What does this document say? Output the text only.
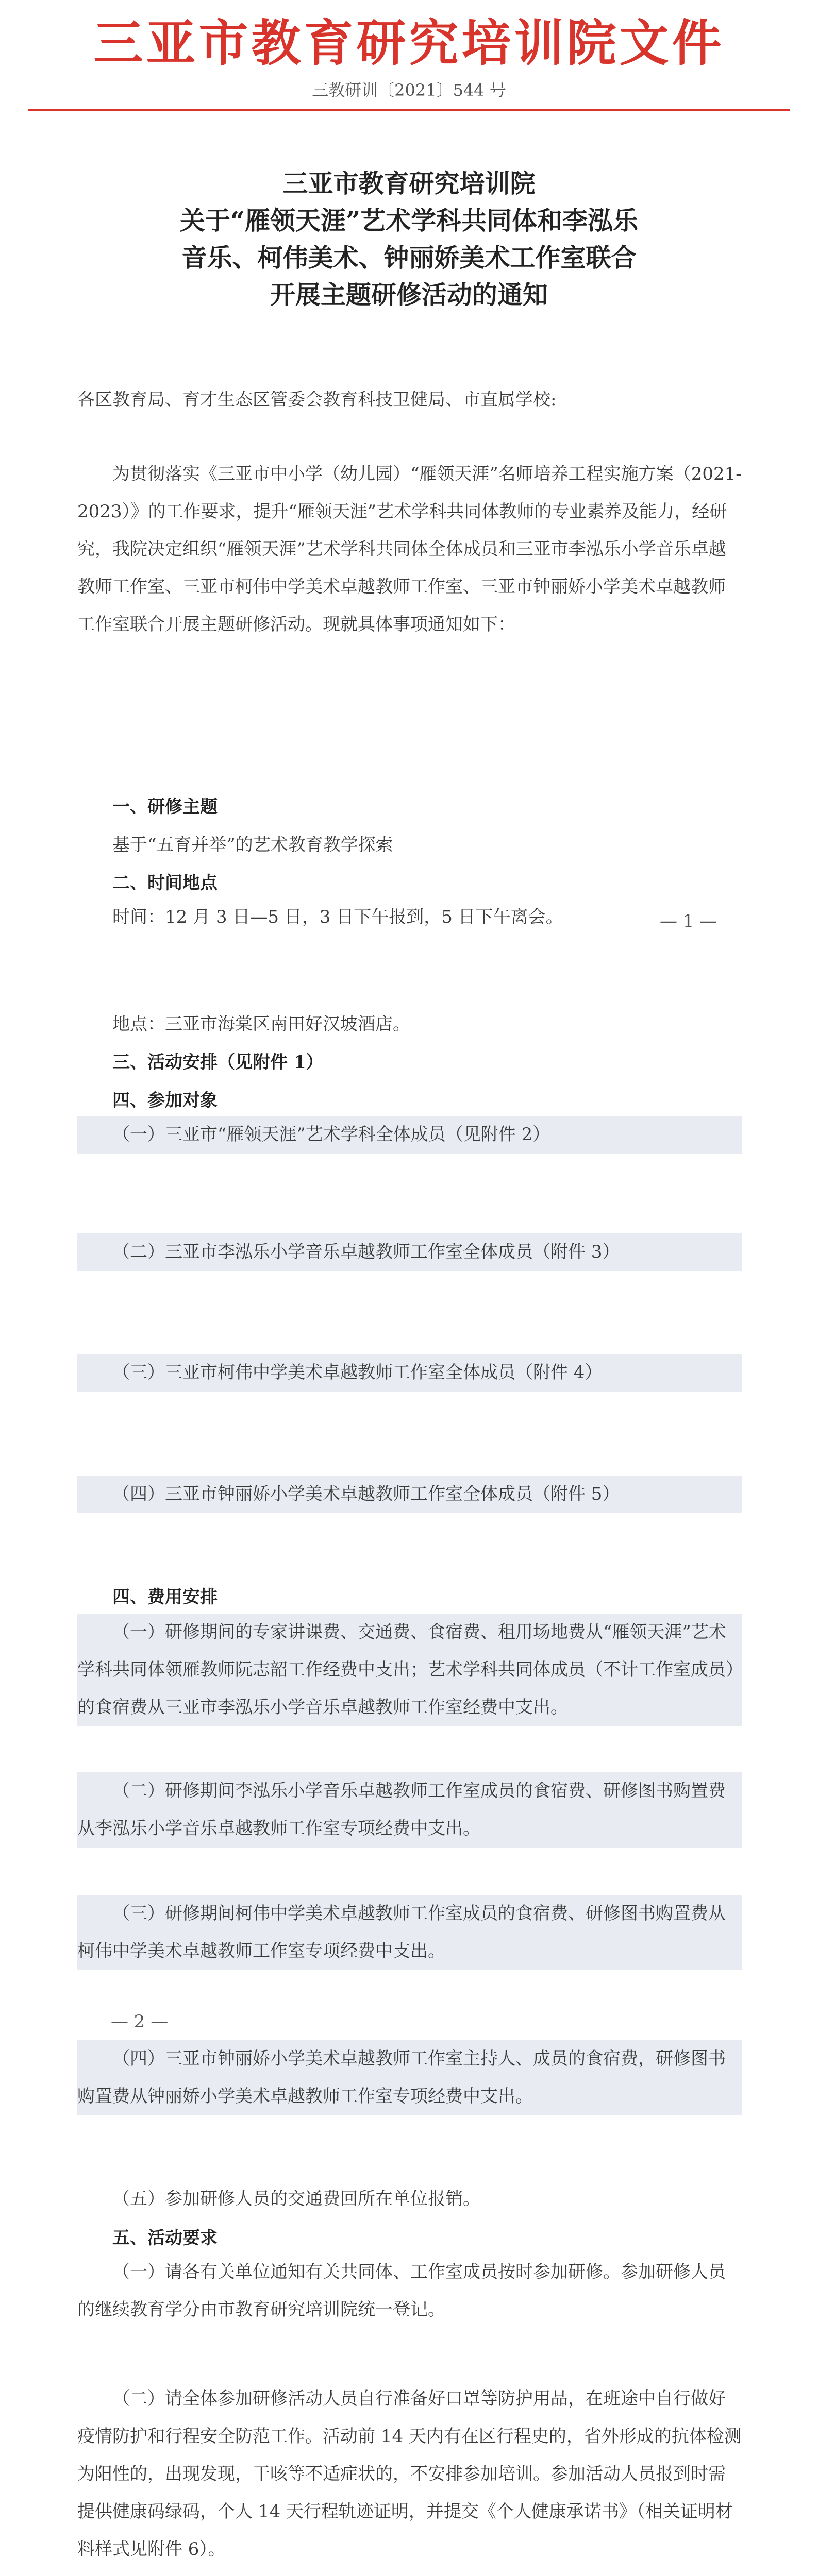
三亚市教育研究培训院文件
三教研训〔2021〕544 号
三亚市教育研究培训院
关于“雁领天涯”艺术学科共同体和李泓乐
音乐、柯伟美术、钟丽娇美术工作室联合
开展主题研修活动的通知

各区教育局、育才生态区管委会教育科技卫健局、市直属学校:

为贯彻落实《三亚市中小学（幼儿园）“雁领天涯”名师培养工程实施方案（2021-2023）》的工作要求，提升“雁领天涯”艺术学科共同体教师的专业素养及能力，经研究，我院决定组织“雁领天涯”艺术学科共同体全体成员和三亚市李泓乐小学音乐卓越教师工作室、三亚市柯伟中学美术卓越教师工作室、三亚市钟丽娇小学美术卓越教师工作室联合开展主题研修活动。现就具体事项通知如下：

一、研修主题
基于“五育并举”的艺术教育教学探索
二、时间地点

时间：12 月 3 日—5 日，3 日下午报到，5 日下午离会。	— 1 —
地点：三亚市海棠区南田好汉坡酒店。
三、活动安排（见附件 1）
四、参加对象

（一）三亚市“雁领天涯”艺术学科全体成员（见附件 2）

（二）三亚市李泓乐小学音乐卓越教师工作室全体成员（附件 3）

（三）三亚市柯伟中学美术卓越教师工作室全体成员（附件 4）

（四）三亚市钟丽娇小学美术卓越教师工作室全体成员（附件 5）

四、费用安排

（一）研修期间的专家讲课费、交通费、食宿费、租用场地费从“雁领天涯”艺术学科共同体领雁教师阮志韶工作经费中支出；艺术学科共同体成员（不计工作室成员）的食宿费从三亚市李泓乐小学音乐卓越教师工作室经费中支出。

（二）研修期间李泓乐小学音乐卓越教师工作室成员的食宿费、研修图书购置费从李泓乐小学音乐卓越教师工作室专项经费中支出。

（三）研修期间柯伟中学美术卓越教师工作室成员的食宿费、研修图书购置费从柯伟中学美术卓越教师工作室专项经费中支出。

— 2 —

（四）三亚市钟丽娇小学美术卓越教师工作室主持人、成员的食宿费，研修图书购置费从钟丽娇小学美术卓越教师工作室专项经费中支出。

（五）参加研修人员的交通费回所在单位报销。
五、活动要求

（一）请各有关单位通知有关共同体、工作室成员按时参加研修。参加研修人员的继续教育学分由市教育研究培训院统一登记。

（二）请全体参加研修活动人员自行准备好口罩等防护用品，在班途中自行做好疫情防护和行程安全防范工作。活动前 14 天内有在区行程史的，省外形成的抗体检测为阳性的，出现发现，干咳等不适症状的，不安排参加培训。参加活动人员报到时需提供健康码绿码，个人 14 天行程轨迹证明，并提交《个人健康承诺书》（相关证明材料样式见附件 6）。
